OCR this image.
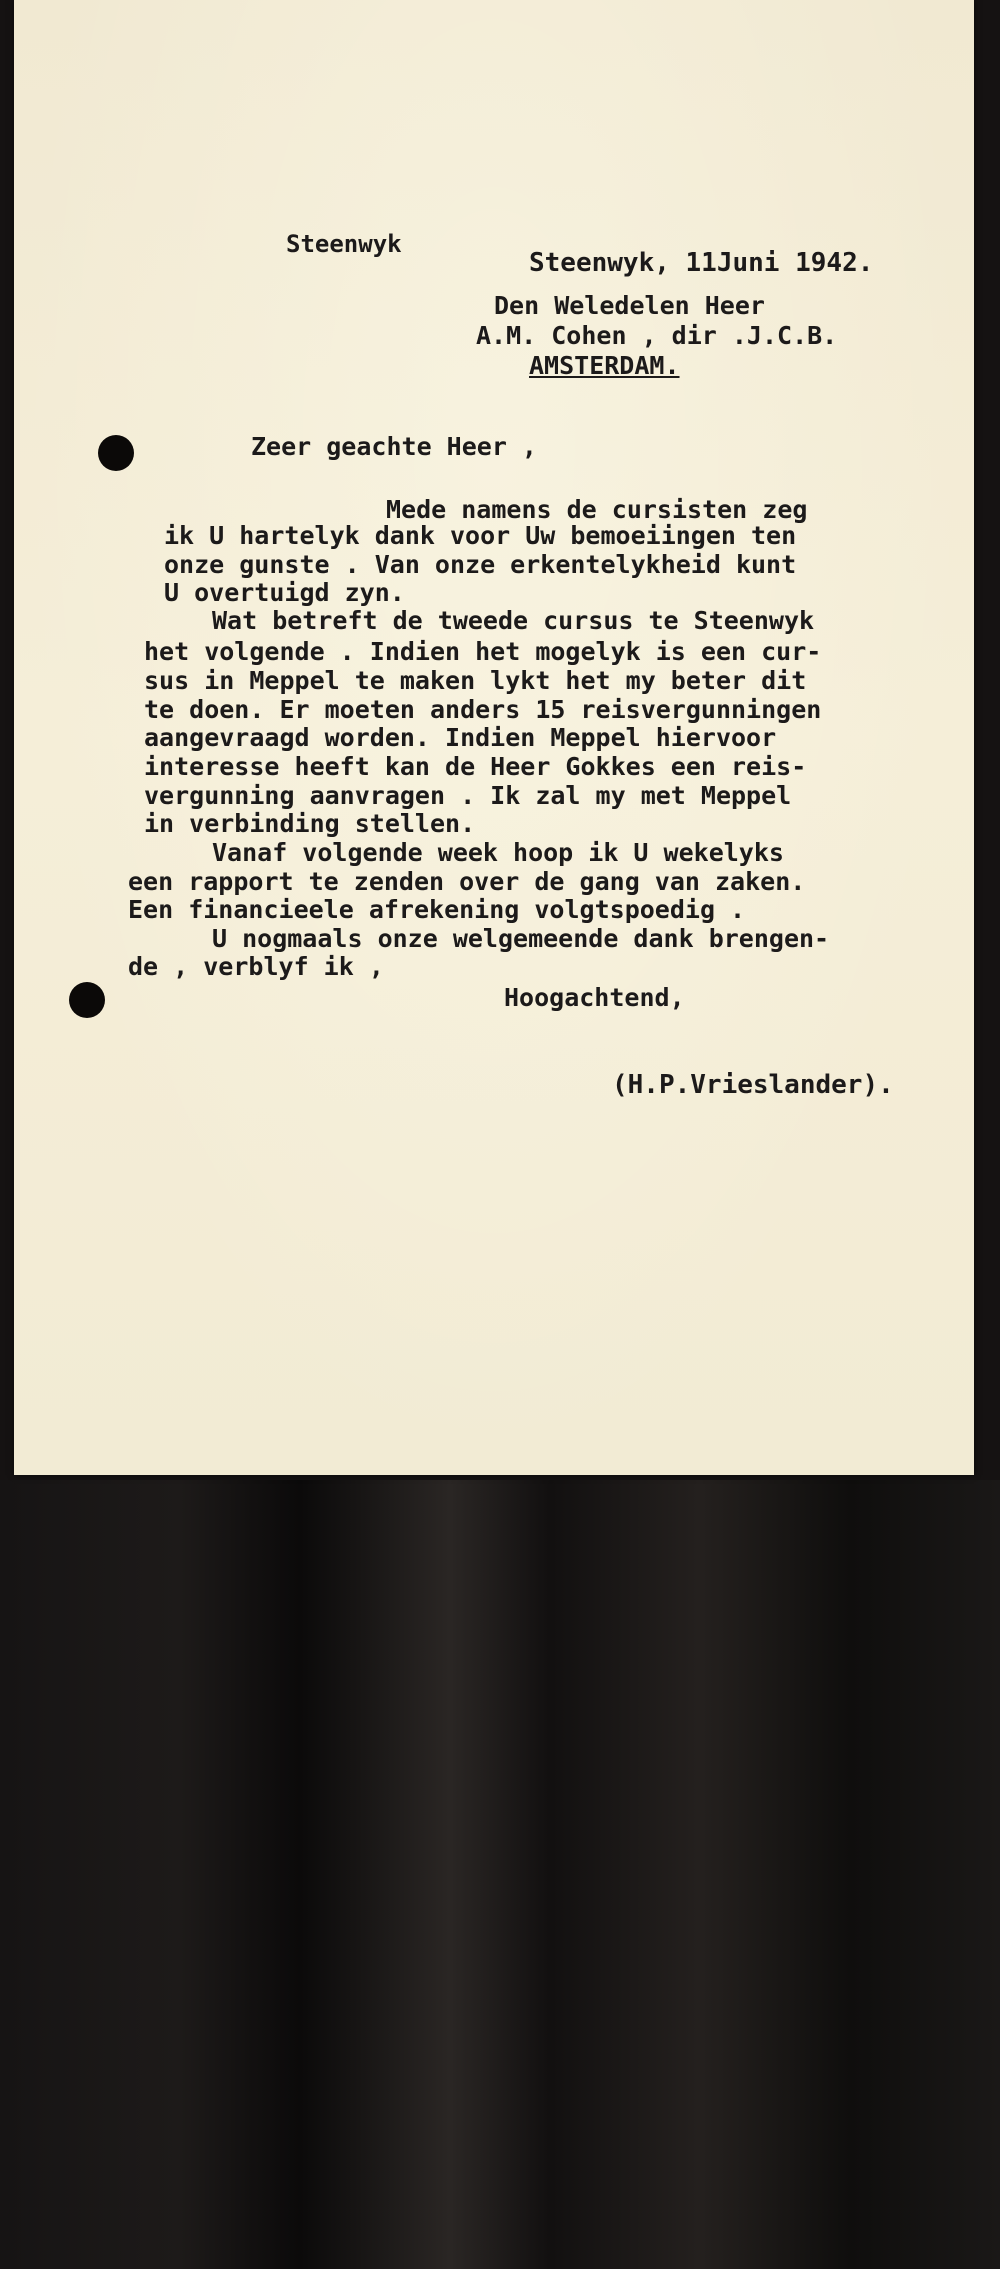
Steenwyk
Steenwyk, 11Juni 1942.
Den Weledelen Heer
A.M. Cohen , dir .J.C.B.
AMSTERDAM.
Zeer geachte Heer ,
Mede namens de cursisten zeg
ik U hartelyk dank voor Uw bemoeiingen ten
onze gunste . Van onze erkentelykheid kunt
U overtuigd zyn.
Wat betreft de tweede cursus te Steenwyk
het volgende . Indien het mogelyk is een cur-
sus in Meppel te maken lykt het my beter dit
te doen. Er moeten anders 15 reisvergunningen
aangevraagd worden. Indien Meppel hiervoor
interesse heeft kan de Heer Gokkes een reis-
vergunning aanvragen . Ik zal my met Meppel
in verbinding stellen.
Vanaf volgende week hoop ik U wekelyks
een rapport te zenden over de gang van zaken.
Een financieele afrekening volgtspoedig .
U nogmaals onze welgemeende dank brengen-
de , verblyf ik ,
Hoogachtend,
(H.P.Vrieslander).
